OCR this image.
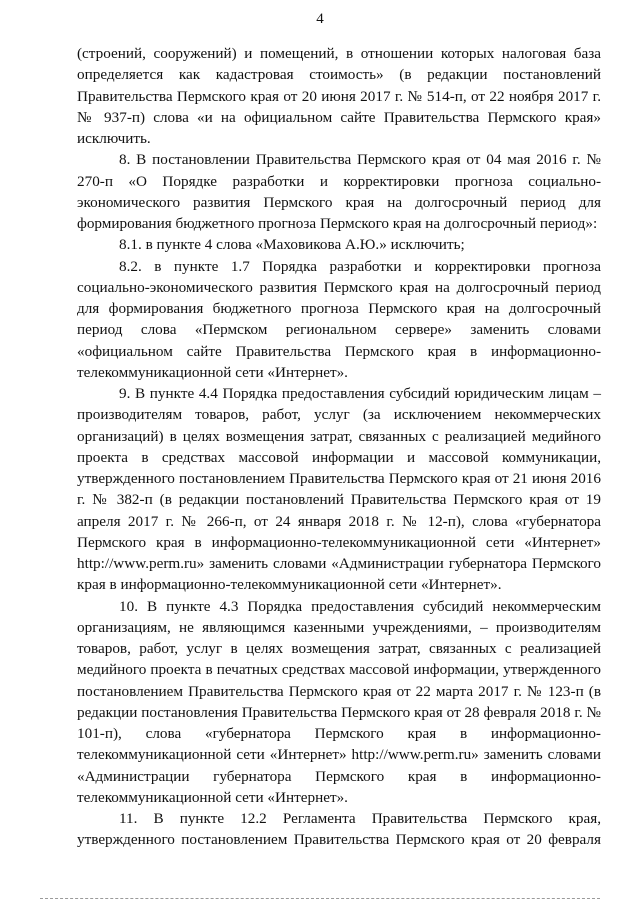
4

(строений, сооружений) и помещений, в отношении которых налоговая база определяется как кадастровая стоимость» (в редакции постановлений Правительства Пермского края от 20 июня 2017 г. № 514-п, от 22 ноября 2017 г. № 937-п) слова «и на официальном сайте Правительства Пермского края» исключить.

8. В постановлении Правительства Пермского края от 04 мая 2016 г. № 270-п «О Порядке разработки и корректировки прогноза социально-экономического развития Пермского края на долгосрочный период для формирования бюджетного прогноза Пермского края на долгосрочный период»:

8.1. в пункте 4 слова «Маховикова А.Ю.» исключить;

8.2. в пункте 1.7 Порядка разработки и корректировки прогноза социально-экономического развития Пермского края на долгосрочный период для формирования бюджетного прогноза Пермского края на долгосрочный период слова «Пермском региональном сервере» заменить словами «официальном сайте Правительства Пермского края в информационно-телекоммуникационной сети «Интернет».

9. В пункте 4.4 Порядка предоставления субсидий юридическим лицам – производителям товаров, работ, услуг (за исключением некоммерческих организаций) в целях возмещения затрат, связанных с реализацией медийного проекта в средствах массовой информации и массовой коммуникации, утвержденного постановлением Правительства Пермского края от 21 июня 2016 г. № 382-п (в редакции постановлений Правительства Пермского края от 19 апреля 2017 г. № 266-п, от 24 января 2018 г. № 12-п), слова «губернатора Пермского края в информационно-телекоммуникационной сети «Интернет» http://www.perm.ru» заменить словами «Администрации губернатора Пермского края в информационно-телекоммуникационной сети «Интернет».

10. В пункте 4.3 Порядка предоставления субсидий некоммерческим организациям, не являющимся казенными учреждениями, – производителям товаров, работ, услуг в целях возмещения затрат, связанных с реализацией медийного проекта в печатных средствах массовой информации, утвержденного постановлением Правительства Пермского края от 22 марта 2017 г. № 123-п (в редакции постановления Правительства Пермского края от 28 февраля 2018 г. № 101-п), слова «губернатора Пермского края в информационно-телекоммуникационной сети «Интернет» http://www.perm.ru» заменить словами «Администрации губернатора Пермского края в информационно-телекоммуникационной сети «Интернет».

11. В пункте 12.2 Регламента Правительства Пермского края, утвержденного постановлением Правительства Пермского края от 20 февраля
